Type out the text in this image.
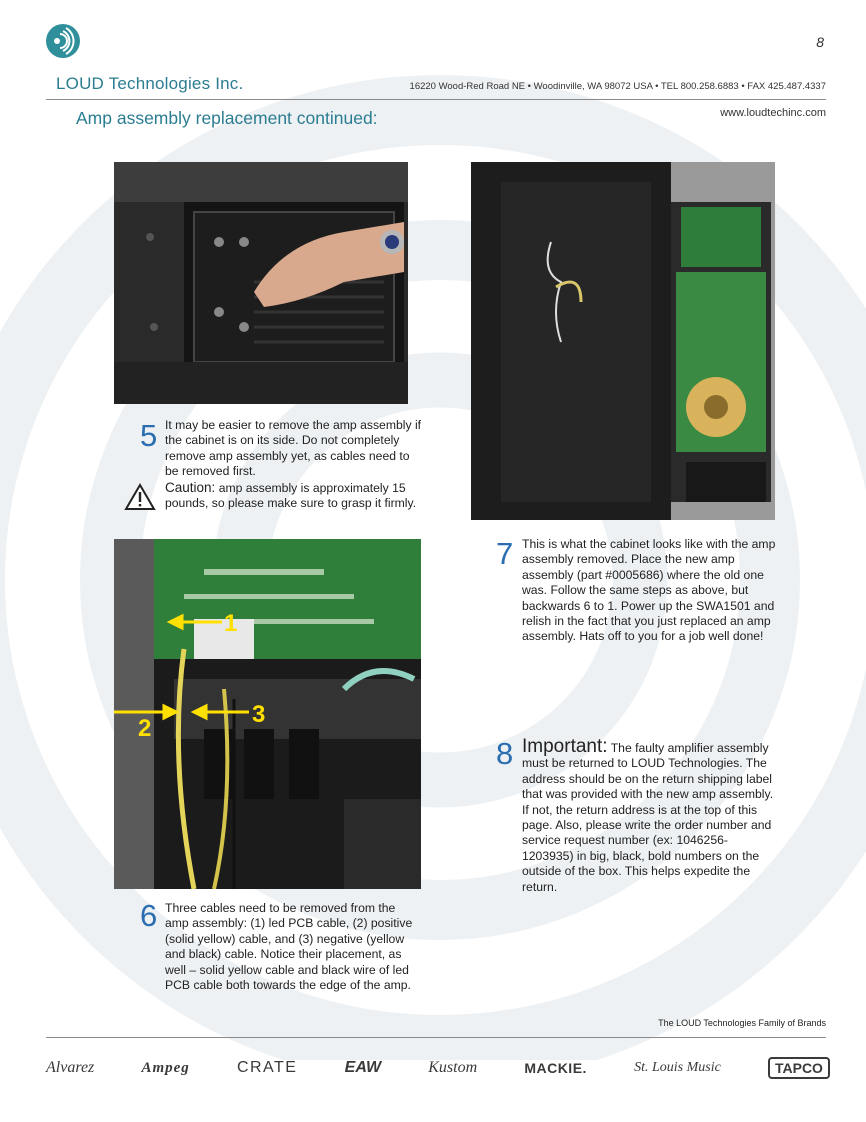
8
LOUD Technologies Inc.	16220 Wood-Red Road NE • Woodinville, WA 98072 USA • TEL 800.258.6883 • FAX 425.487.4337
Amp assembly replacement continued:	www.loudtechinc.com
1
2
3
5 It may be easier to remove the amp assembly if the cabinet is on its side. Do not completely remove amp assembly yet, as cables need to be removed first.
Caution: amp assembly is approximately 15 pounds, so please make sure to grasp it firmly.
6 Three cables need to be removed from the amp assembly: (1) led PCB cable, (2) positive (solid yellow) cable, and (3) negative (yellow and black) cable. Notice their placement, as well – solid yellow cable and black wire of led PCB cable both towards the edge of the amp.
7 This is what the cabinet looks like with the amp assembly removed. Place the new amp assembly (part #0005686) where the old one was. Follow the same steps as above, but backwards 6 to 1. Power up the SWA1501 and relish in the fact that you just replaced an amp assembly. Hats off to you for a job well done!
8 Important: The faulty amplifier assembly must be returned to LOUD Technologies. The address should be on the return shipping label that was provided with the new amp assembly. If not, the return address is at the top of this page. Also, please write the order number and service request number (ex: 1046256-1203935) in big, black, bold numbers on the outside of the box. This helps expedite the return.
The LOUD Technologies Family of Brands
Alvarez	Ampeg	CRATE	EAW	Kustom	MACKIE.	St. Louis Music	TAPCO
